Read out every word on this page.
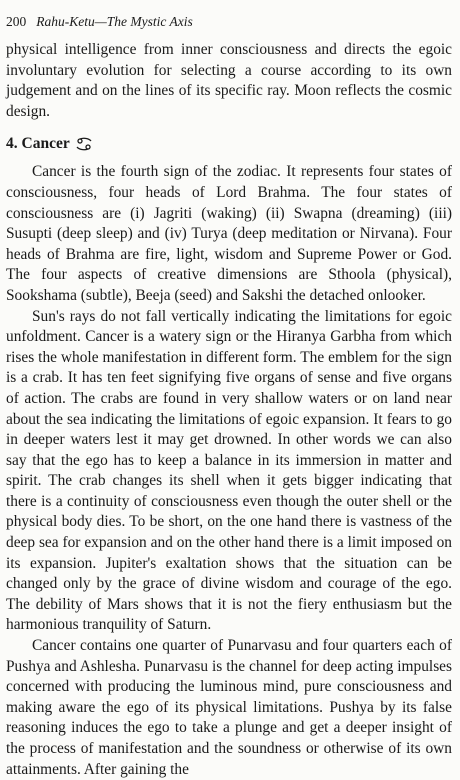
200 Rahu-Ketu—The Mystic Axis

physical intelligence from inner consciousness and directs the egoic involuntary evolution for selecting a course according to its own judgement and on the lines of its specific ray. Moon reflects the cosmic design.

4. Cancer

Cancer is the fourth sign of the zodiac. It represents four states of consciousness, four heads of Lord Brahma. The four states of consciousness are (i) Jagriti (waking) (ii) Swapna (dreaming) (iii) Susupti (deep sleep) and (iv) Turya (deep meditation or Nirvana). Four heads of Brahma are fire, light, wisdom and Supreme Power or God. The four aspects of creative dimensions are Sthoola (physical), Sookshama (subtle), Beeja (seed) and Sakshi the detached onlooker.

Sun's rays do not fall vertically indicating the limitations for egoic unfoldment. Cancer is a watery sign or the Hiranya Garbha from which rises the whole manifestation in different form. The emblem for the sign is a crab. It has ten feet signifying five organs of sense and five organs of action. The crabs are found in very shallow waters or on land near about the sea indicating the limitations of egoic expansion. It fears to go in deeper waters lest it may get drowned. In other words we can also say that the ego has to keep a balance in its immersion in matter and spirit. The crab changes its shell when it gets bigger indicating that there is a continuity of consciousness even though the outer shell or the physical body dies. To be short, on the one hand there is vastness of the deep sea for expansion and on the other hand there is a limit imposed on its expansion. Jupiter's exaltation shows that the situation can be changed only by the grace of divine wisdom and courage of the ego. The debility of Mars shows that it is not the fiery enthusiasm but the harmonious tranquility of Saturn.

Cancer contains one quarter of Punarvasu and four quarters each of Pushya and Ashlesha. Punarvasu is the channel for deep acting impulses concerned with producing the luminous mind, pure consciousness and making aware the ego of its physical limitations. Pushya by its false reasoning induces the ego to take a plunge and get a deeper insight of the process of manifestation and the soundness or otherwise of its own attainments. After gaining the
